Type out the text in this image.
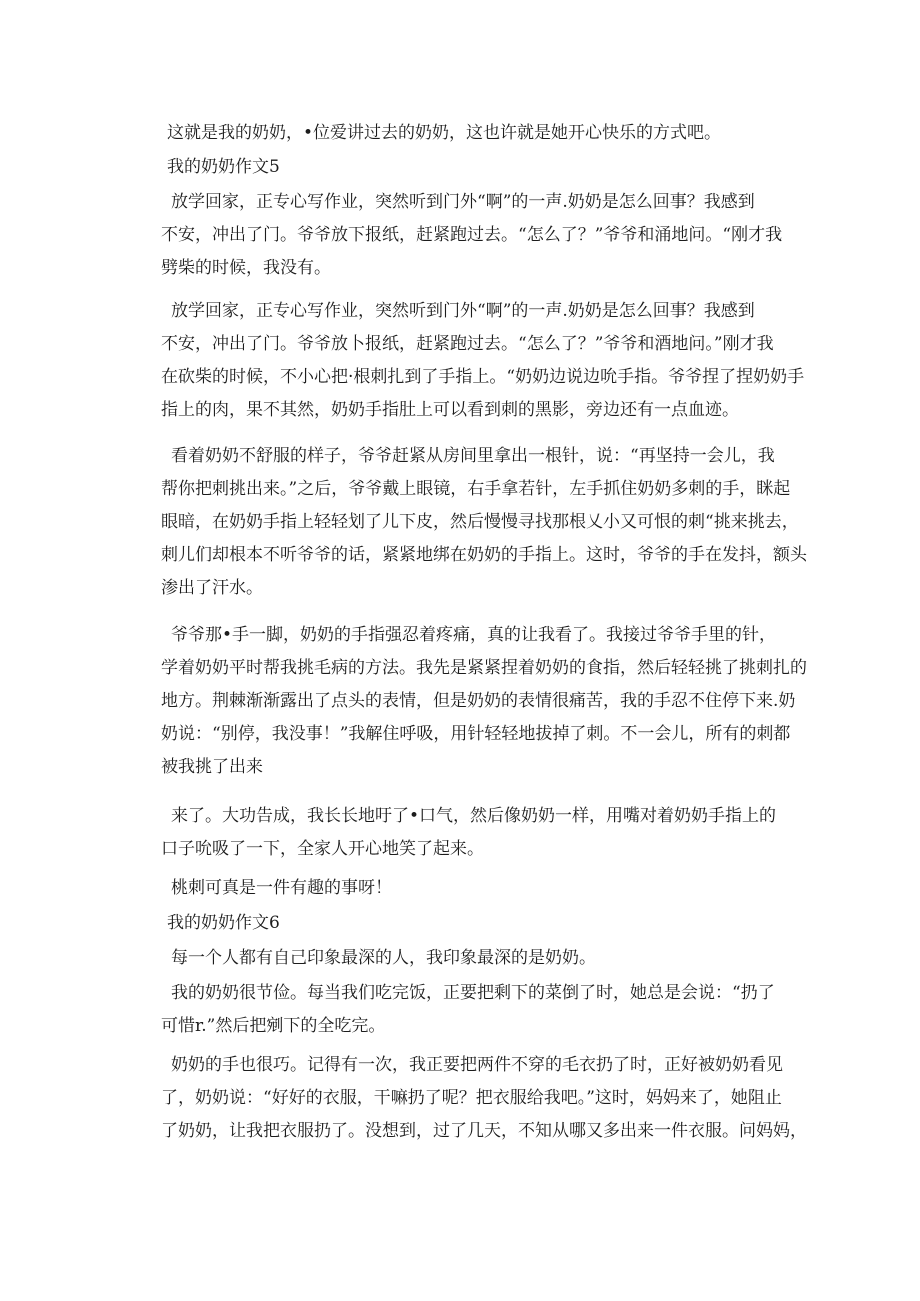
这就是我的奶奶，•位爱讲过去的奶奶，这也许就是她开心快乐的方式吧。
我的奶奶作文5
放学回家，正专心写作业，突然听到门外“啊”的一声.奶奶是怎么回事？我感到
不安，冲出了门。爷爷放下报纸，赶紧跑过去。“怎么了？”爷爷和涌地问。“刚才我
劈柴的时候，我没有。
放学回家，正专心写作业，突然听到门外“啊”的一声.奶奶是怎么回事？我感到
不安，冲出了门。爷爷放卜报纸，赶紧跑过去。“怎么了？”爷爷和酒地问。”刚才我
在砍柴的时候，不小心把·根刺扎到了手指上。“奶奶边说边吮手指。爷爷捏了捏奶奶手
指上的肉，果不其然，奶奶手指肚上可以看到刺的黑影，旁边还有一点血迹。
看着奶奶不舒服的样子，爷爷赶紧从房间里拿出一根针，说：“再坚持一会儿，我
帮你把刺挑出来。”之后，爷爷戴上眼镜，右手拿若针，左手抓住奶奶多刺的手，眯起
眼暗，在奶奶手指上轻轻划了儿下皮，然后慢慢寻找那根乂小又可恨的刺“挑来挑去，
刺儿们却根本不听爷爷的话，紧紧地绑在奶奶的手指上。这时，爷爷的手在发抖，额头
渗出了汗水。
爷爷那•手一脚，奶奶的手指强忍着疼痛，真的让我看了。我接过爷爷手里的针，
学着奶奶平时帮我挑毛病的方法。我先是紧紧捏着奶奶的食指，然后轻轻挑了挑刺扎的
地方。荆棘渐渐露出了点头的表情，但是奶奶的表情很痛苦，我的手忍不住停下来.奶
奶说：“别停，我没事！”我解住呼吸，用针轻轻地拔掉了刺。不一会儿，所有的刺都
被我挑了出来
来了。大功告成，我长长地吁了•口气，然后像奶奶一样，用嘴对着奶奶手指上的
口子吮吸了一下，全家人开心地笑了起来。
桃刺可真是一件有趣的事呀！
我的奶奶作文6
每一个人都有自己印象最深的人，我印象最深的是奶奶。
我的奶奶很节俭。每当我们吃完饭，正要把剩下的菜倒了时，她总是会说：“扔了
可惜r.”然后把剜下的全吃完。
奶奶的手也很巧。记得有一次，我正要把两件不穿的毛衣扔了时，正好被奶奶看见
了，奶奶说：“好好的衣服，干嘛扔了呢？把衣服给我吧。”这时，妈妈来了，她阻止
了奶奶，让我把衣服扔了。没想到，过了几天，不知从哪又多出来一件衣服。问妈妈，
